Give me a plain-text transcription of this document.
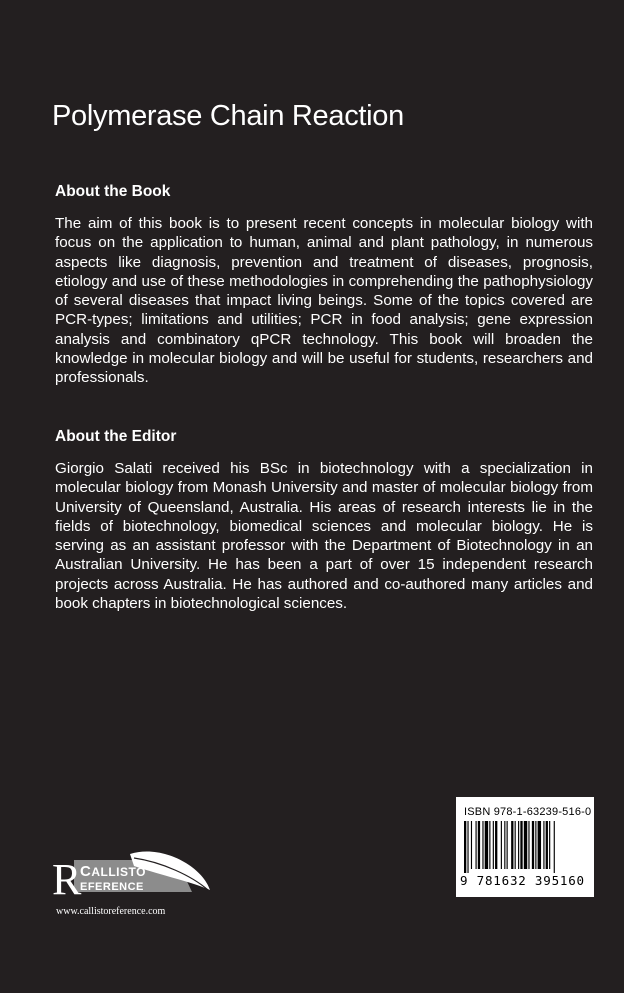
Polymerase Chain Reaction
About the Book

The aim of this book is to present recent concepts in molecular biology with focus on the application to human, animal and plant pathology, in numerous aspects like diagnosis, prevention and treatment of diseases, prognosis, etiology and use of these methodologies in comprehending the pathophysiology of several diseases that impact living beings. Some of the topics covered are PCR-types; limitations and utilities; PCR in food analysis; gene expression analysis and combinatory qPCR technology. This book will broaden the knowledge in molecular biology and will be useful for students, researchers and professionals.

About the Editor

Giorgio Salati received his BSc in biotechnology with a specialization in molecular biology from Monash University and master of molecular biology from University of Queensland, Australia. His areas of research interests lie in the fields of biotechnology, biomedical sciences and molecular biology. He is serving as an assistant professor with the Department of Biotechnology in an Australian University. He has been a part of over 15 independent research projects across Australia. He has authored and co-authored many articles and book chapters in biotechnological sciences.

ISBN 978-1-63239-516-0
9 781632 395160
R
CALLISTO
EFERENCE
www.callistoreference.com
